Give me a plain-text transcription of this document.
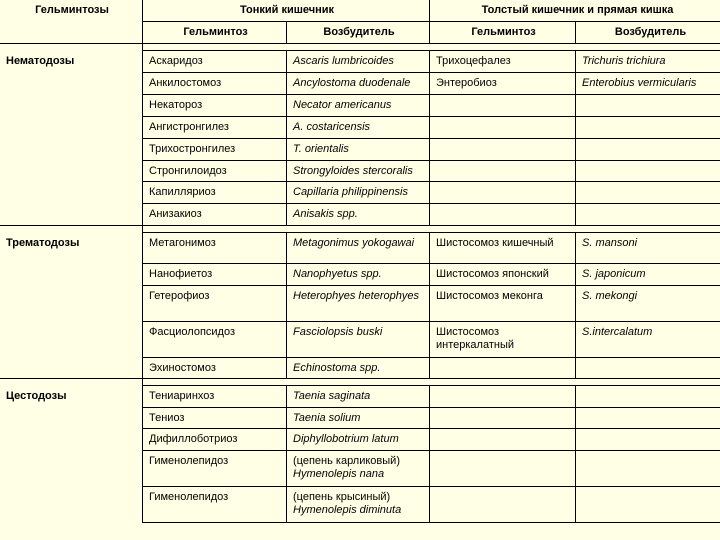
Гельминтозы	Тонкий кишечник		Толстый кишечник и прямая кишка	
	Гельминтоз	Возбудитель	Гельминтоз	Возбудитель

Нематодозы	Аскаридоз	Ascaris lumbricoides	Трихоцефалез	Trichuris trichiura
	Анкилостомоз	Ancylostoma duodenale	Энтеробиоз	Enterobius vermicularis
	Некатороз	Necator americanus		
	Ангистронгилез	A. costaricensis		
	Трихостронгилез	T. orientalis		
	Стронгилоидоз	Strongyloides stercoralis		
	Капилляриоз	Capillaria philippinensis		
	Анизакиоз	Anisakis spp.		

Трематодозы	Метагонимоз	Metagonimus yokogawai	Шистосомоз кишечный	S. mansoni
	Нанофиетоз	Nanophyetus spp.	Шистосомоз японский	S. japonicum
	Гетерофиоз	Heterophyes heterophyes	Шистосомоз меконга	S. mekongi
	Фасциолопсидоз	Fasciolopsis buski	Шистосомоз интеркалатный	S.intercalatum
	Эхиностомоз	Echinostoma spp.		

Цестодозы	Тениаринхоз	Taenia saginata		
	Тениоз	Taenia solium		
	Дифиллоботриоз	Diphyllobotrium latum		
	Гименолепидоз	(цепень карликовый) Hymenolepis nana		
	Гименолепидоз	(цепень крысиный) Hymenolepis diminuta		
